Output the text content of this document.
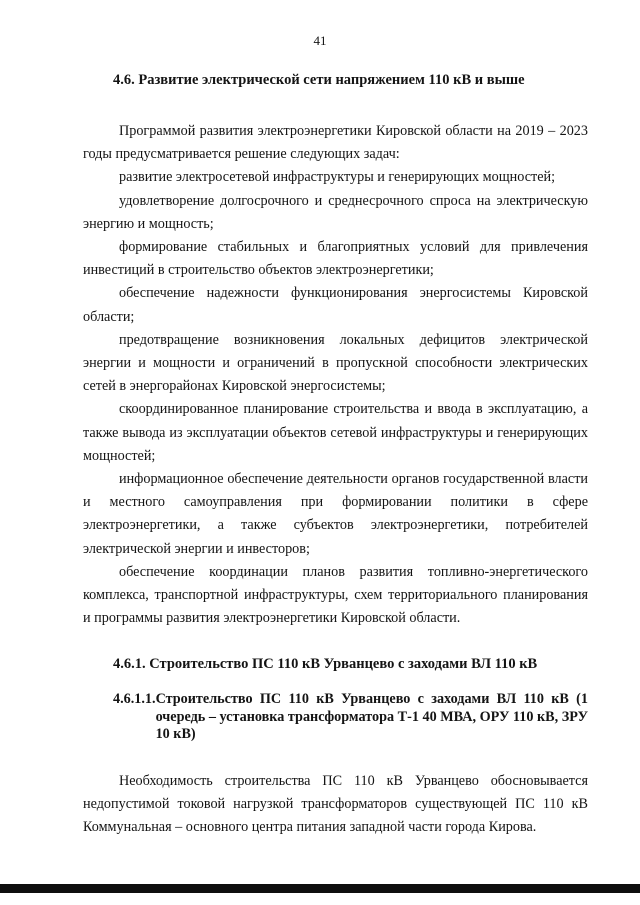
41
4.6. Развитие электрической сети напряжением 110 кВ и выше

Программой развития электроэнергетики Кировской области на 2019 – 2023 годы предусматривается решение следующих задач:

развитие электросетевой инфраструктуры и генерирующих мощностей;

удовлетворение долгосрочного и среднесрочного спроса на электрическую энергию и мощность;

формирование стабильных и благоприятных условий для привлечения инвестиций в строительство объектов электроэнергетики;

обеспечение надежности функционирования энергосистемы Кировской области;

предотвращение возникновения локальных дефицитов электрической энергии и мощности и ограничений в пропускной способности электрических сетей в энергорайонах Кировской энергосистемы;

скоординированное планирование строительства и ввода в эксплуатацию, а также вывода из эксплуатации объектов сетевой инфраструктуры и генерирующих мощностей;

информационное обеспечение деятельности органов государственной власти и местного самоуправления при формировании политики в сфере электроэнергетики, а также субъектов электроэнергетики, потребителей электрической энергии и инвесторов;

обеспечение координации планов развития топливно-энергетического комплекса, транспортной инфраструктуры, схем территориального планирования и программы развития электроэнергетики Кировской области.

4.6.1. Строительство ПС 110 кВ Урванцево с заходами ВЛ 110 кВ
4.6.1.1. Строительство ПС 110 кВ Урванцево с заходами ВЛ 110 кВ (1 очередь – установка трансформатора Т-1 40 МВА, ОРУ 110 кВ, ЗРУ 10 кВ)

Необходимость строительства ПС 110 кВ Урванцево обосновывается недопустимой токовой нагрузкой трансформаторов существующей ПС 110 кВ Коммунальная – основного центра питания западной части города Кирова.
